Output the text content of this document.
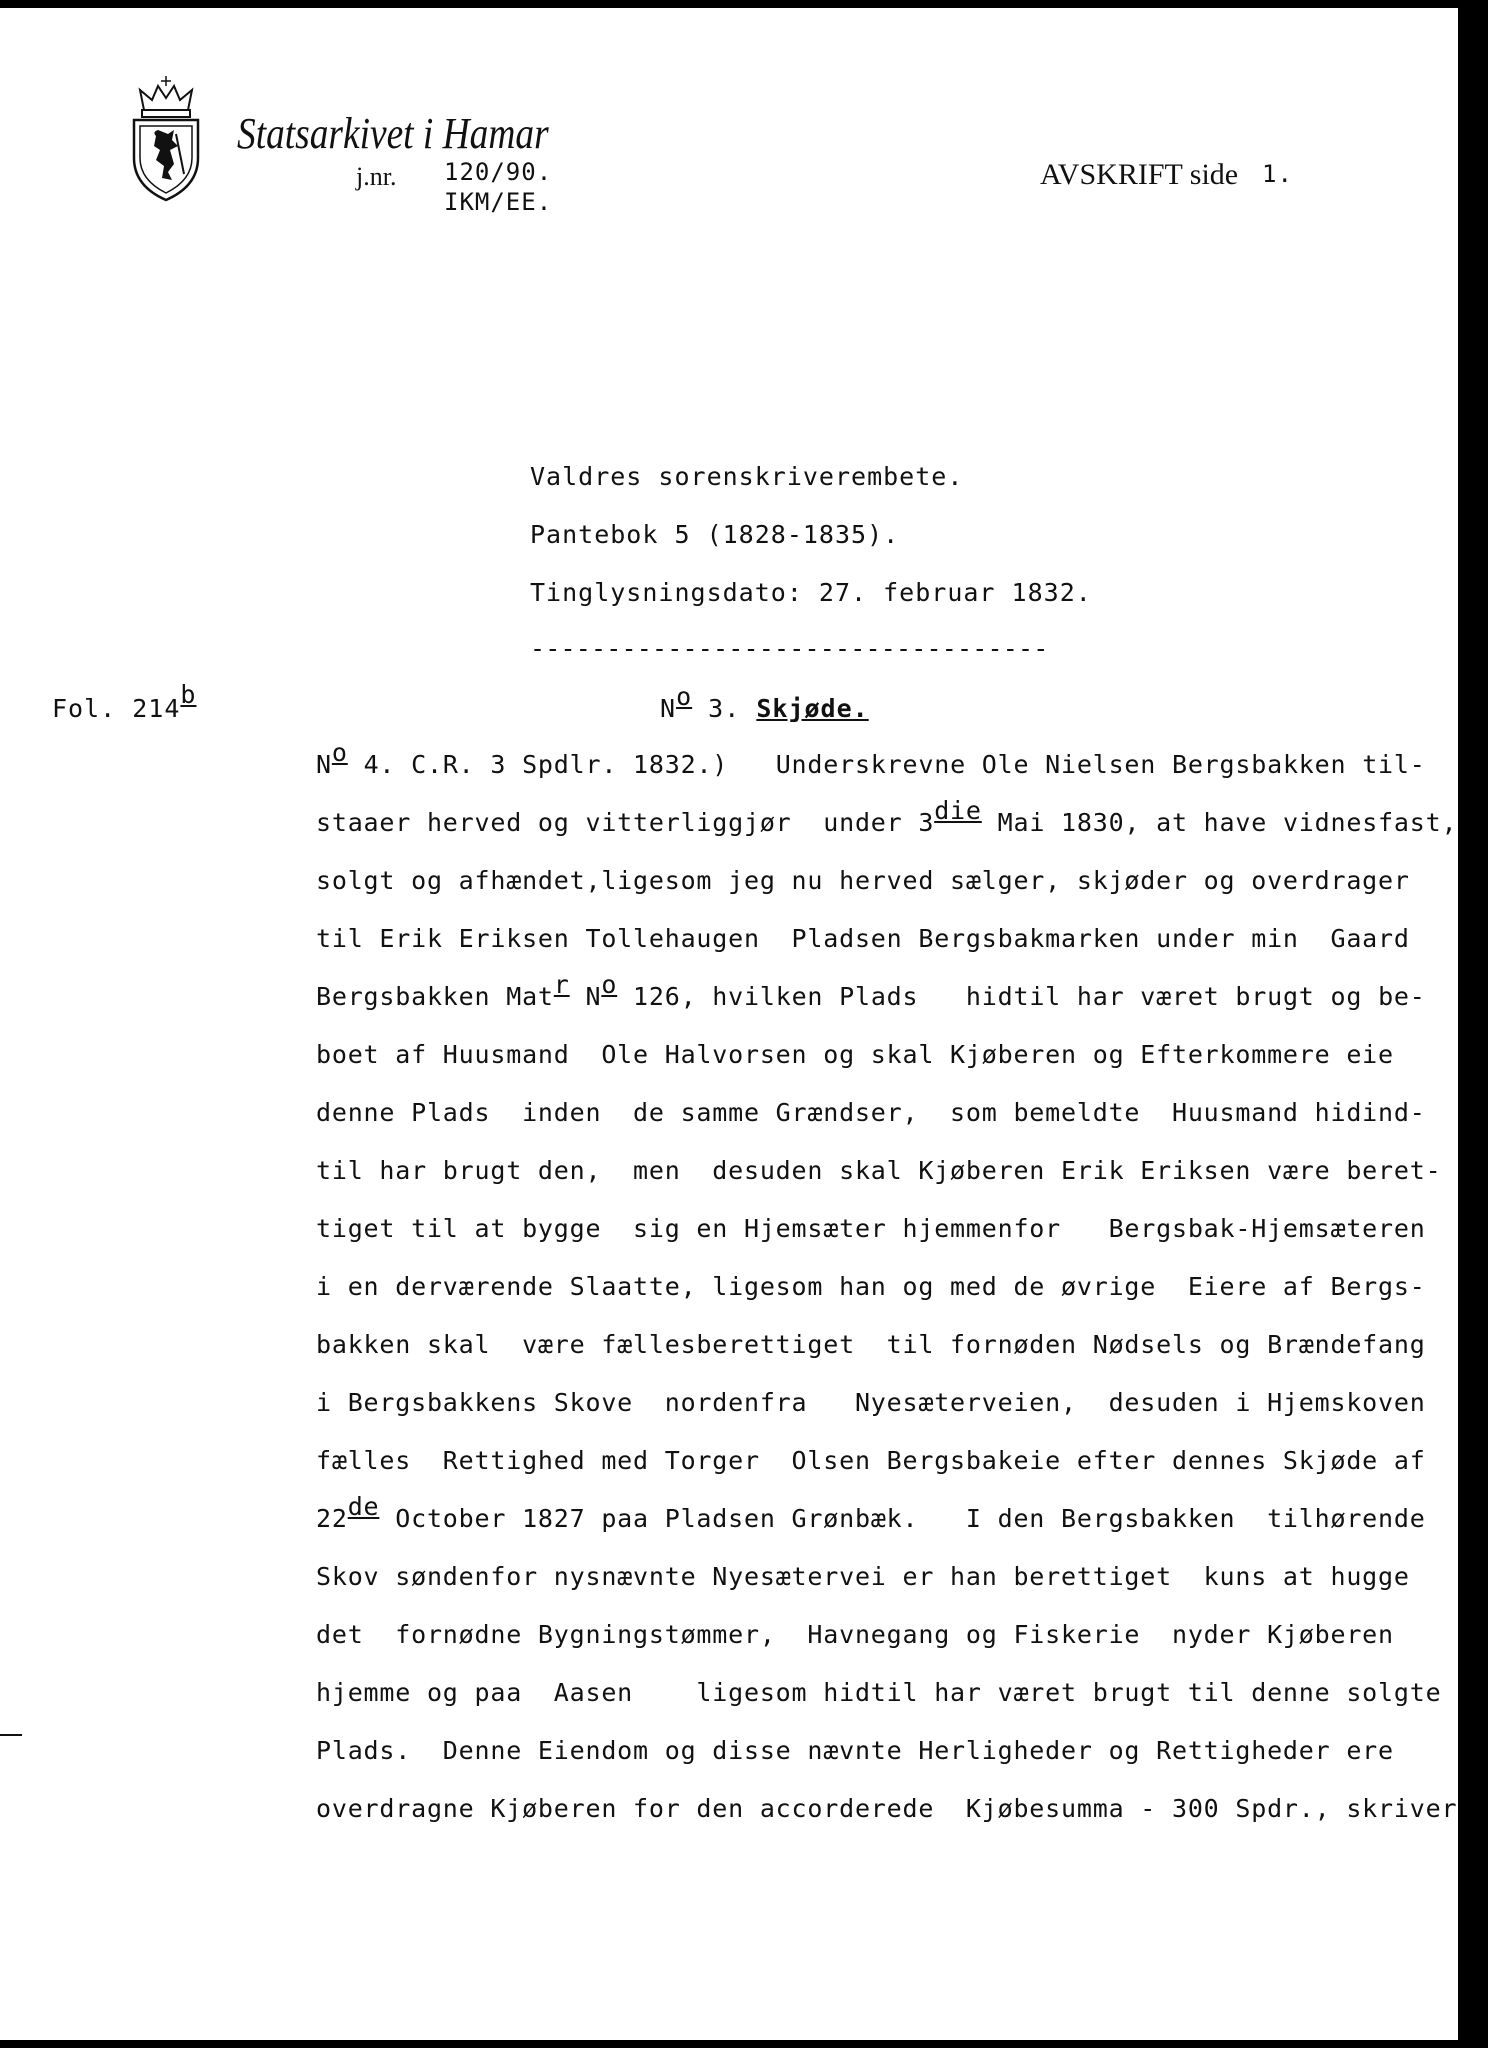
Statsarkivet i Hamar
j.nr. 120/90.
IKM/EE.
AVSKRIFT side 1.
Valdres sorenskriverembete.
Pantebok 5 (1828-1835).
Tinglysningsdato: 27. februar 1832.
----------------------------------
Fol. 214b	No 3. Skjøde.
No 4. C.R. 3 Spdlr. 1832.)   Underskrevne Ole Nielsen Bergsbakken til-
staaer herved og vitterliggjør  under 3die Mai 1830, at have vidnesfast,
solgt og afhændet,ligesom jeg nu herved sælger, skjøder og overdrager
til Erik Eriksen Tollehaugen  Pladsen Bergsbakmarken under min  Gaard
Bergsbakken Matr No 126, hvilken Plads   hidtil har været brugt og be-
boet af Huusmand  Ole Halvorsen og skal Kjøberen og Efterkommere eie
denne Plads  inden  de samme Grændser,  som bemeldte  Huusmand hidind-
til har brugt den,  men  desuden skal Kjøberen Erik Eriksen være beret-
tiget til at bygge  sig en Hjemsæter hjemmenfor   Bergsbak-Hjemsæteren
i en derværende Slaatte, ligesom han og med de øvrige  Eiere af Bergs-
bakken skal  være fællesberettiget  til fornøden Nødsels og Brændefang
i Bergsbakkens Skove  nordenfra   Nyesæterveien,  desuden i Hjemskoven
fælles  Rettighed med Torger  Olsen Bergsbakeie efter dennes Skjøde af
22de October 1827 paa Pladsen Grønbæk.   I den Bergsbakken  tilhørende
Skov søndenfor nysnævnte Nyesætervei er han berettiget  kuns at hugge
det  fornødne Bygningstømmer,  Havnegang og Fiskerie  nyder Kjøberen
hjemme og paa  Aasen    ligesom hidtil har været brugt til denne solgte
Plads.  Denne Eiendom og disse nævnte Herligheder og Rettigheder ere
overdragne Kjøberen for den accorderede  Kjøbesumma - 300 Spdr., skriver
